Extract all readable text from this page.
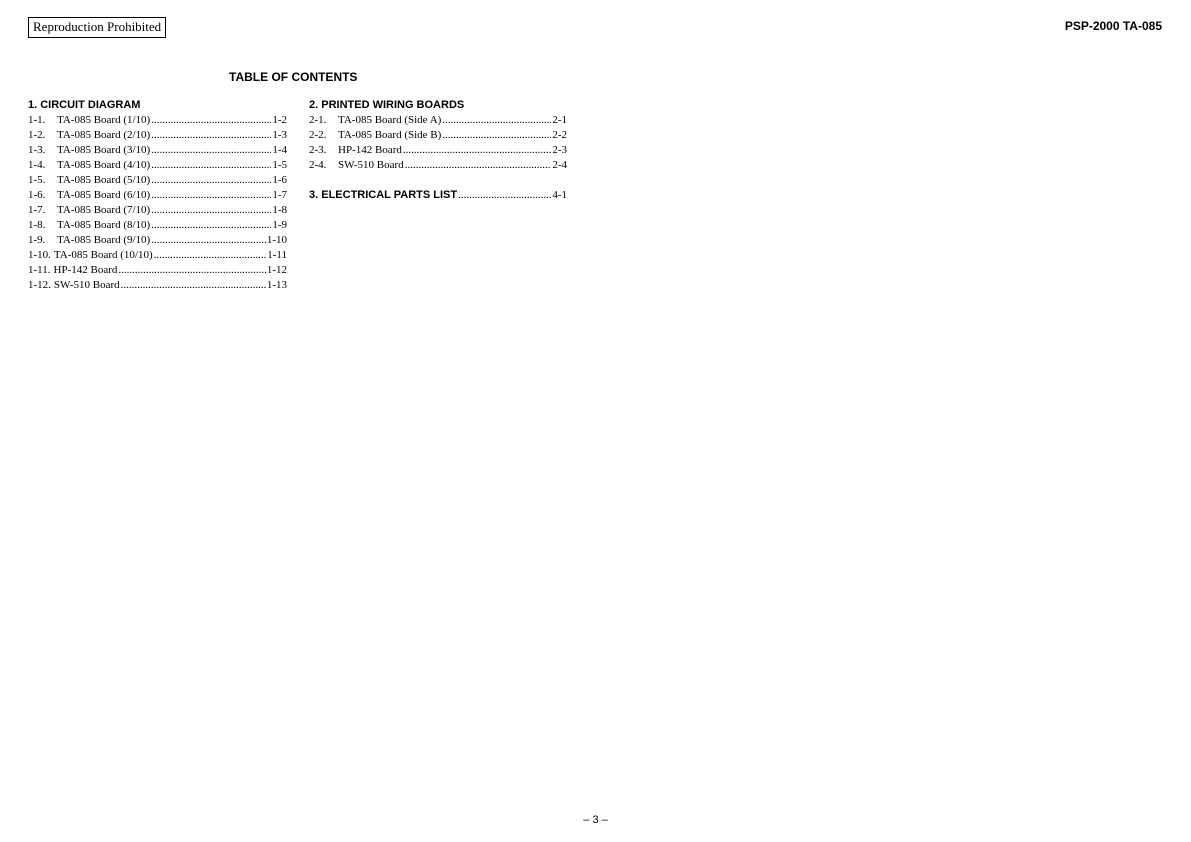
Reproduction Prohibited	PSP-2000 TA-085
TABLE OF CONTENTS
1. CIRCUIT DIAGRAM
1-1.	TA-085 Board (1/10) .....	1-2
1-2.	TA-085 Board (2/10) .....	1-3
1-3.	TA-085 Board (3/10) .....	1-4
1-4.	TA-085 Board (4/10) .....	1-5
1-5.	TA-085 Board (5/10) .....	1-6
1-6.	TA-085 Board (6/10) .....	1-7
1-7.	TA-085 Board (7/10) .....	1-8
1-8.	TA-085 Board (8/10) .....	1-9
1-9.	TA-085 Board (9/10) .....	1-10
1-10. TA-085 Board (10/10) .....	1-11
1-11. HP-142 Board .....	1-12
1-12. SW-510 Board .....	1-13
2. PRINTED WIRING BOARDS
2-1.	TA-085 Board (Side A) .....	2-1
2-2.	TA-085 Board (Side B) .....	2-2
2-3.	HP-142 Board .....	2-3
2-4.	SW-510 Board .....	2-4
3. ELECTRICAL PARTS LIST .....	4-1
– 3 –
